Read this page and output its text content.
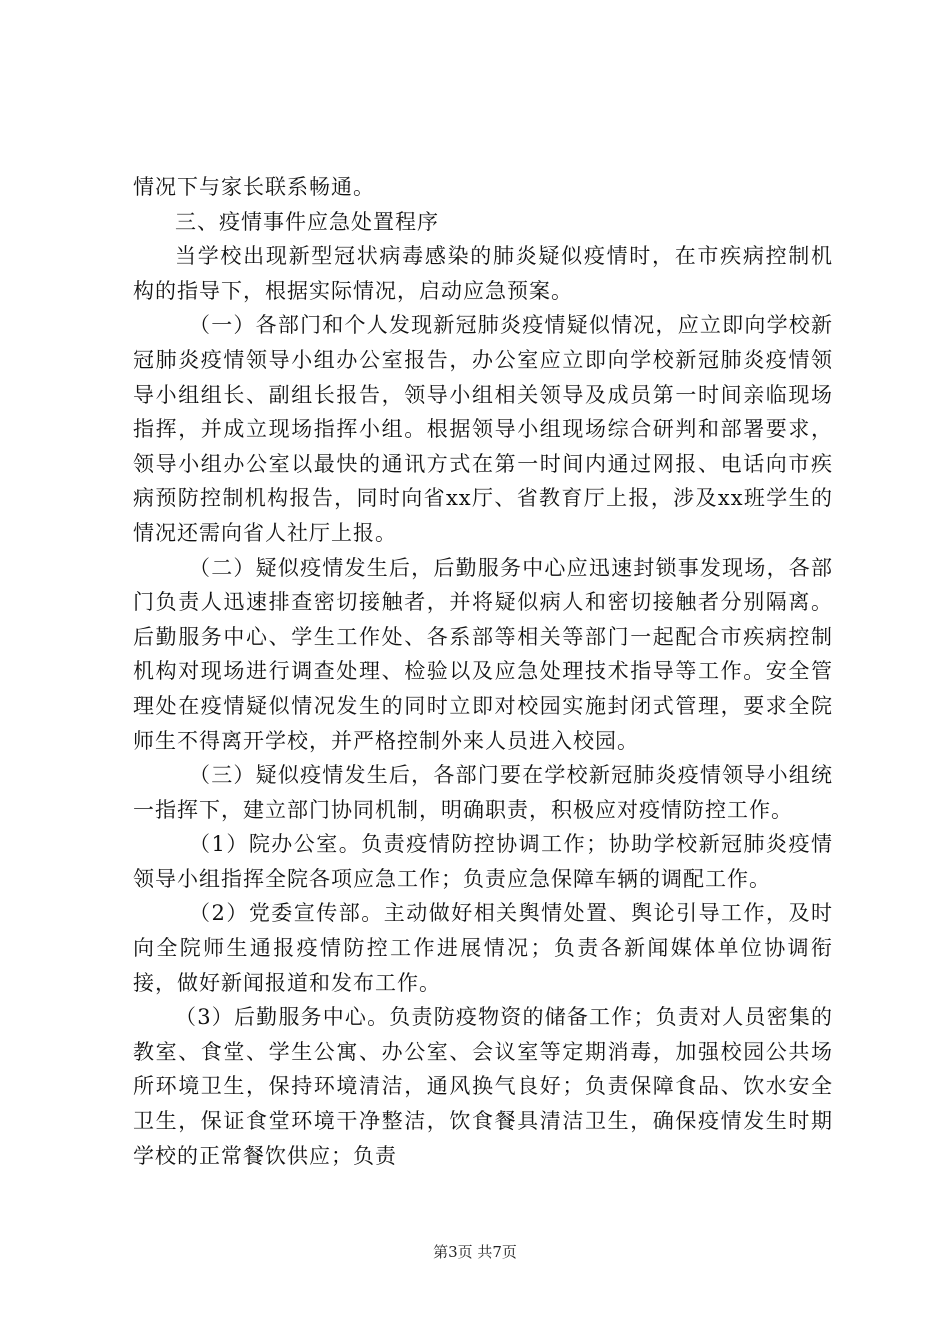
情况下与家长联系畅通。

三、疫情事件应急处置程序

当学校出现新型冠状病毒感染的肺炎疑似疫情时，在市疾病控制机构的指导下，根据实际情况，启动应急预案。

（一）各部门和个人发现新冠肺炎疫情疑似情况，应立即向学校新冠肺炎疫情领导小组办公室报告，办公室应立即向学校新冠肺炎疫情领导小组组长、副组长报告，领导小组相关领导及成员第一时间亲临现场指挥，并成立现场指挥小组。根据领导小组现场综合研判和部署要求，领导小组办公室以最快的通讯方式在第一时间内通过网报、电话向市疾病预防控制机构报告，同时向省xx厅、省教育厅上报，涉及xx班学生的情况还需向省人社厅上报。

（二）疑似疫情发生后，后勤服务中心应迅速封锁事发现场，各部门负责人迅速排查密切接触者，并将疑似病人和密切接触者分别隔离。后勤服务中心、学生工作处、各系部等相关等部门一起配合市疾病控制机构对现场进行调查处理、检验以及应急处理技术指导等工作。安全管理处在疫情疑似情况发生的同时立即对校园实施封闭式管理，要求全院师生不得离开学校，并严格控制外来人员进入校园。

（三）疑似疫情发生后，各部门要在学校新冠肺炎疫情领导小组统一指挥下，建立部门协同机制，明确职责，积极应对疫情防控工作。

（1）院办公室。负责疫情防控协调工作；协助学校新冠肺炎疫情领导小组指挥全院各项应急工作；负责应急保障车辆的调配工作。

（2）党委宣传部。主动做好相关舆情处置、舆论引导工作，及时向全院师生通报疫情防控工作进展情况；负责各新闻媒体单位协调衔接，做好新闻报道和发布工作。

（3）后勤服务中心。负责防疫物资的储备工作；负责对人员密集的教室、食堂、学生公寓、办公室、会议室等定期消毒，加强校园公共场所环境卫生，保持环境清洁，通风换气良好；负责保障食品、饮水安全卫生，保证食堂环境干净整洁，饮食餐具清洁卫生，确保疫情发生时期学校的正常餐饮供应；负责

第3页 共7页
